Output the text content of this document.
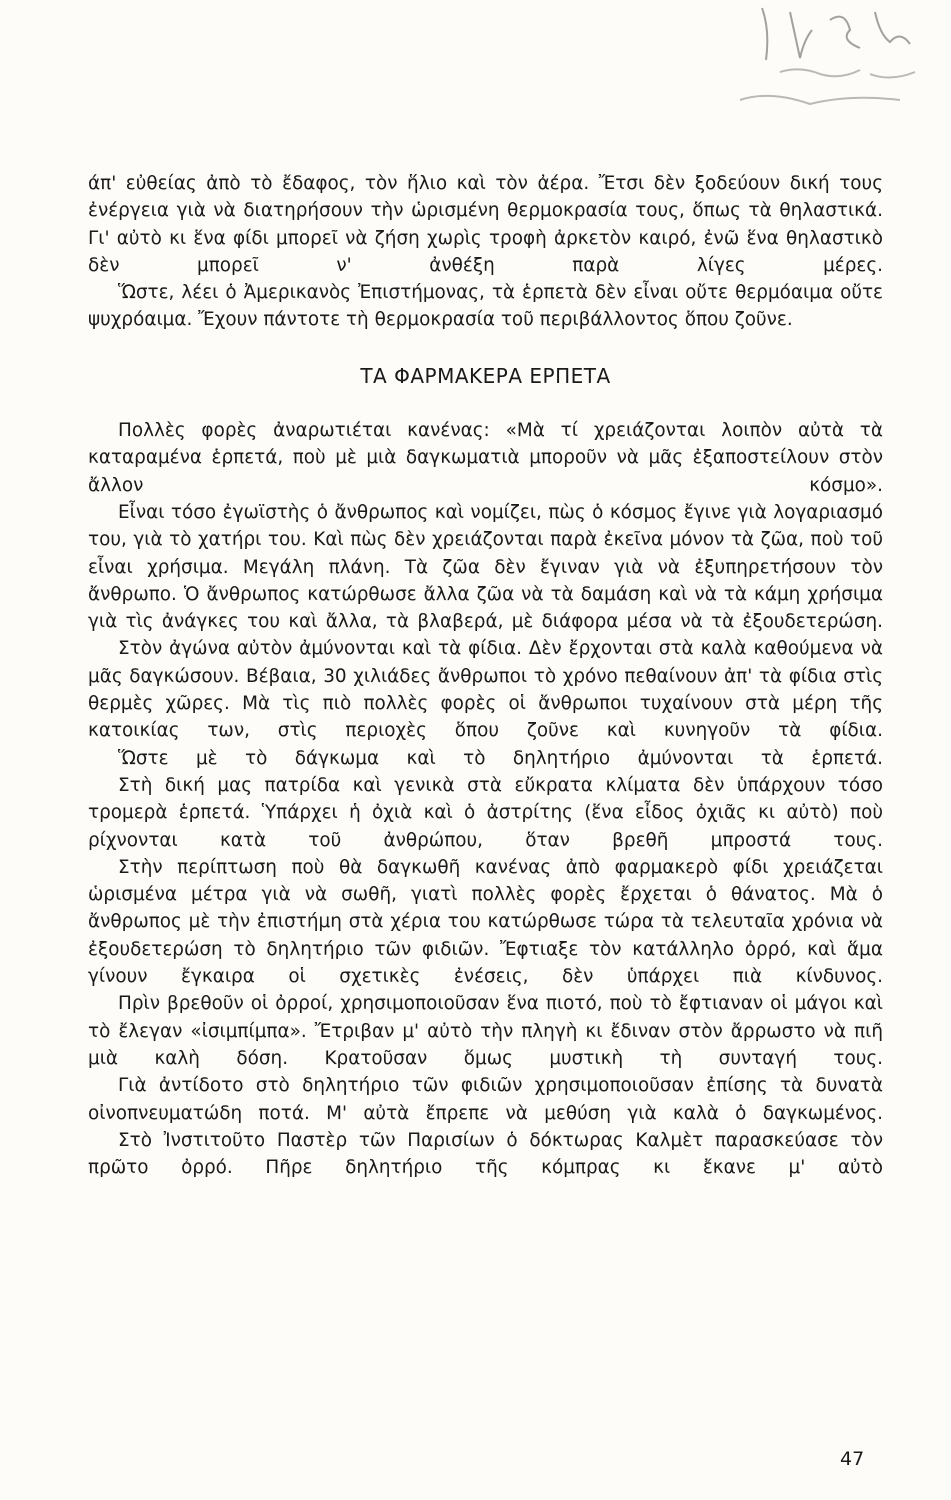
άπ' εὐθείας ἀπὸ τὸ ἔδαφος, τὸν ἥλιο καὶ τὸν ἀέρα. Ἔτσι δὲν ξοδεύουν δική τους ἐνέργεια γιὰ νὰ διατηρήσουν τὴν ὡρισμένη θερμοκρασία τους, ὅπως τὰ θηλαστικά. Γι' αὐτὸ κι ἕνα φίδι μπορεῖ νὰ ζήση χωρὶς τροφὴ ἀρκετὸν καιρό, ἐνῶ ἕνα θηλαστικὸ δὲν μπορεῖ ν' ἀνθέξη παρὰ λίγες μέρες.

Ὥστε, λέει ὁ Ἀμερικανὸς Ἐπιστήμονας, τὰ ἑρπετὰ δὲν εἶναι οὔτε θερμόαιμα οὔτε ψυχρόαιμα. Ἔχουν πάντοτε τὴ θερμοκρασία τοῦ περιβάλλοντος ὅπου ζοῦνε.

ΤΑ ΦΑΡΜΑΚΕΡΑ ΕΡΠΕΤΑ

Πολλὲς φορὲς ἀναρωτιέται κανένας: «Μὰ τί χρειάζονται λοιπὸν αὐτὰ τὰ καταραμένα ἑρπετά, ποὺ μὲ μιὰ δαγκωματιὰ μποροῦν νὰ μᾶς ἐξαποστείλουν στὸν ἄλλον κόσμο».

Εἶναι τόσο ἐγωϊστὴς ὁ ἄνθρωπος καὶ νομίζει, πὼς ὁ κόσμος ἔγινε γιὰ λογαριασμό του, γιὰ τὸ χατήρι του. Καὶ πὼς δὲν χρειάζονται παρὰ ἐκεῖνα μόνον τὰ ζῶα, ποὺ τοῦ εἶναι χρήσιμα. Μεγάλη πλάνη. Τὰ ζῶα δὲν ἔγιναν γιὰ νὰ ἐξυπηρετήσουν τὸν ἄνθρωπο. Ὁ ἄνθρωπος κατώρθωσε ἄλλα ζῶα νὰ τὰ δαμάση καὶ νὰ τὰ κάμη χρήσιμα γιὰ τὶς ἀνάγκες του καὶ ἄλλα, τὰ βλαβερά, μὲ διάφορα μέσα νὰ τὰ ἐξουδετερώση.

Στὸν ἀγώνα αὐτὸν ἀμύνονται καὶ τὰ φίδια. Δὲν ἔρχονται στὰ καλὰ καθούμενα νὰ μᾶς δαγκώσουν. Βέβαια, 30 χιλιάδες ἄνθρωποι τὸ χρόνο πεθαίνουν ἀπ' τὰ φίδια στὶς θερμὲς χῶρες. Μὰ τὶς πιὸ πολλὲς φορὲς οἱ ἄνθρωποι τυχαίνουν στὰ μέρη τῆς κατοικίας των, στὶς περιοχὲς ὅπου ζοῦνε καὶ κυνηγοῦν τὰ φίδια.

Ὥστε μὲ τὸ δάγκωμα καὶ τὸ δηλητήριο ἀμύνονται τὰ ἑρπετά.

Στὴ δική μας πατρίδα καὶ γενικὰ στὰ εὔκρατα κλίματα δὲν ὑπάρχουν τόσο τρομερὰ ἑρπετά. Ὑπάρχει ἡ ὀχιὰ καὶ ὁ ἀστρίτης (ἕνα εἶδος ὀχιᾶς κι αὐτὸ) ποὺ ρίχνονται κατὰ τοῦ ἀνθρώπου, ὅταν βρεθῆ μπροστά τους.

Στὴν περίπτωση ποὺ θὰ δαγκωθῆ κανένας ἀπὸ φαρμακερὸ φίδι χρειάζεται ὡρισμένα μέτρα γιὰ νὰ σωθῆ, γιατὶ πολλὲς φορὲς ἔρχεται ὁ θάνατος. Μὰ ὁ ἄνθρωπος μὲ τὴν ἐπιστήμη στὰ χέρια του κατώρθωσε τώρα τὰ τελευταῖα χρόνια νὰ ἐξουδετερώση τὸ δηλητήριο τῶν φιδιῶν. Ἔφτιαξε τὸν κατάλληλο ὀρρό, καὶ ἅμα γίνουν ἔγκαιρα οἱ σχετικὲς ἐνέσεις, δὲν ὑπάρχει πιὰ κίνδυνος.

Πρὶν βρεθοῦν οἱ ὀρροί, χρησιμοποιοῦσαν ἕνα πιοτό, ποὺ τὸ ἔφτιαναν οἱ μάγοι καὶ τὸ ἔλεγαν «ἰσιμπίμπα». Ἔτριβαν μ' αὐτὸ τὴν πληγὴ κι ἔδιναν στὸν ἄρρωστο νὰ πιῆ μιὰ καλὴ δόση. Κρατοῦσαν ὅμως μυστικὴ τὴ συνταγή τους.

Γιὰ ἀντίδοτο στὸ δηλητήριο τῶν φιδιῶν χρησιμοποιοῦσαν ἐπίσης τὰ δυνατὰ οἰνοπνευματώδη ποτά. Μ' αὐτὰ ἔπρεπε νὰ μεθύση γιὰ καλὰ ὁ δαγκωμένος.

Στὸ Ἰνστιτοῦτο Παστὲρ τῶν Παρισίων ὁ δόκτωρας Καλμὲτ παρασκεύασε τὸν πρῶτο ὀρρό. Πῆρε δηλητήριο τῆς κόμπρας κι ἔκανε μ' αὐτὸ

47
